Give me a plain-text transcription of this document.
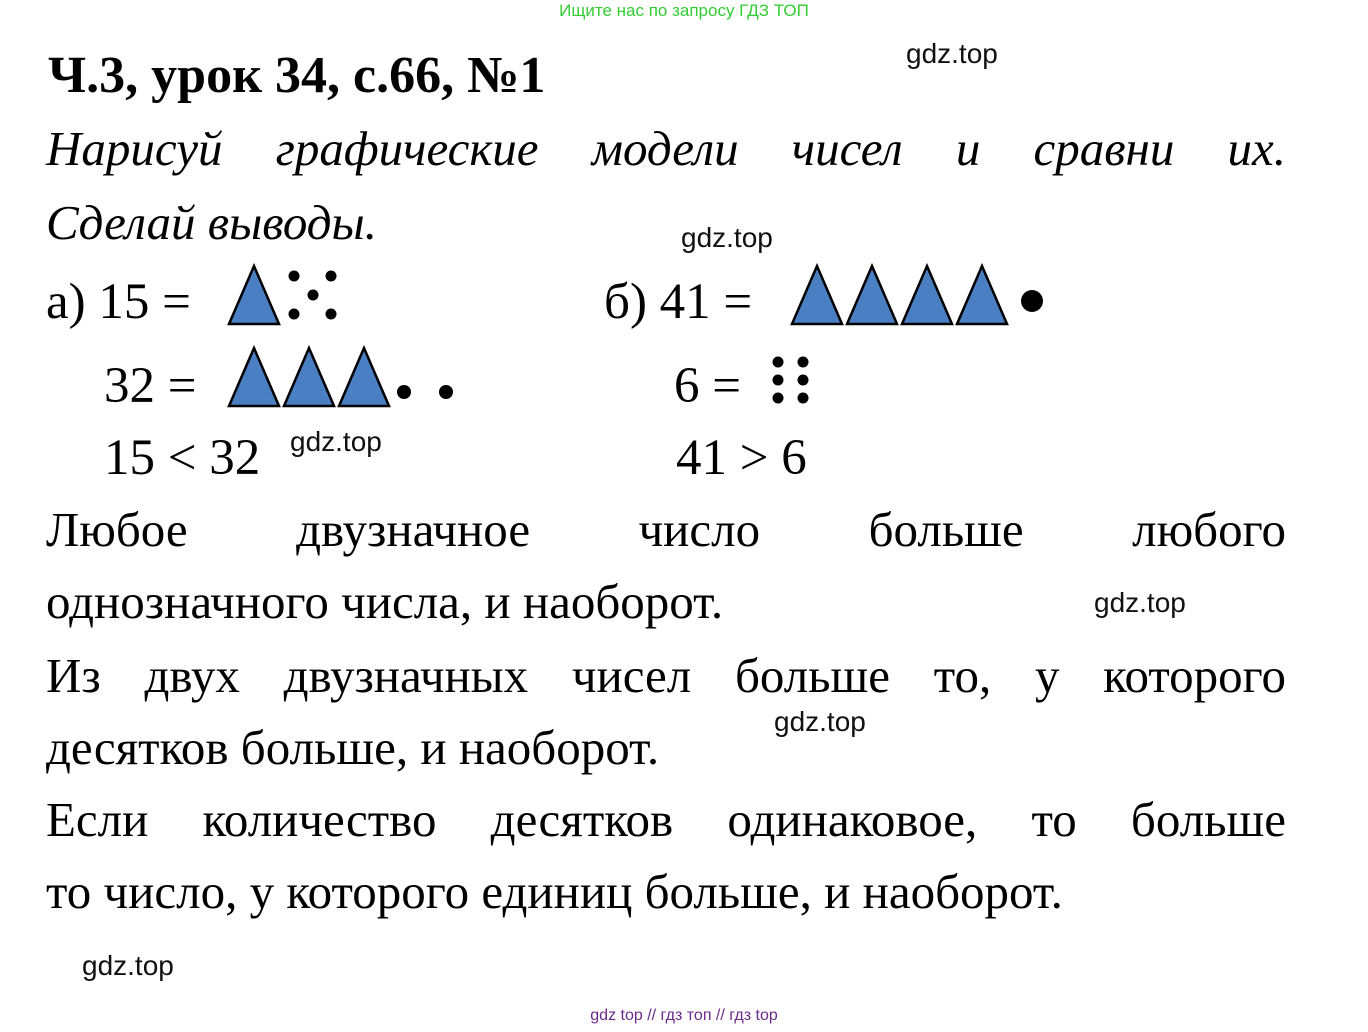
Ищите нас по запросу ГДЗ ТОП
Ч.3, урок 34, с.66, №1
Нарисуй графические модели чисел и сравни их.
Сделай выводы.
а) 15 =
32 =
15 < 32
б) 41 =
6 =
41 > 6
Любое двузначное число больше любого
однозначного числа, и наоборот.
Из двух двузначных чисел больше то, у которого
десятков больше, и наоборот.
Если количество десятков одинаковое, то больше
то число, у которого единиц больше, и наоборот.
gdz.top
gdz.top
gdz.top
gdz.top
gdz.top
gdz.top
gdz top // гдз топ // гдз top
